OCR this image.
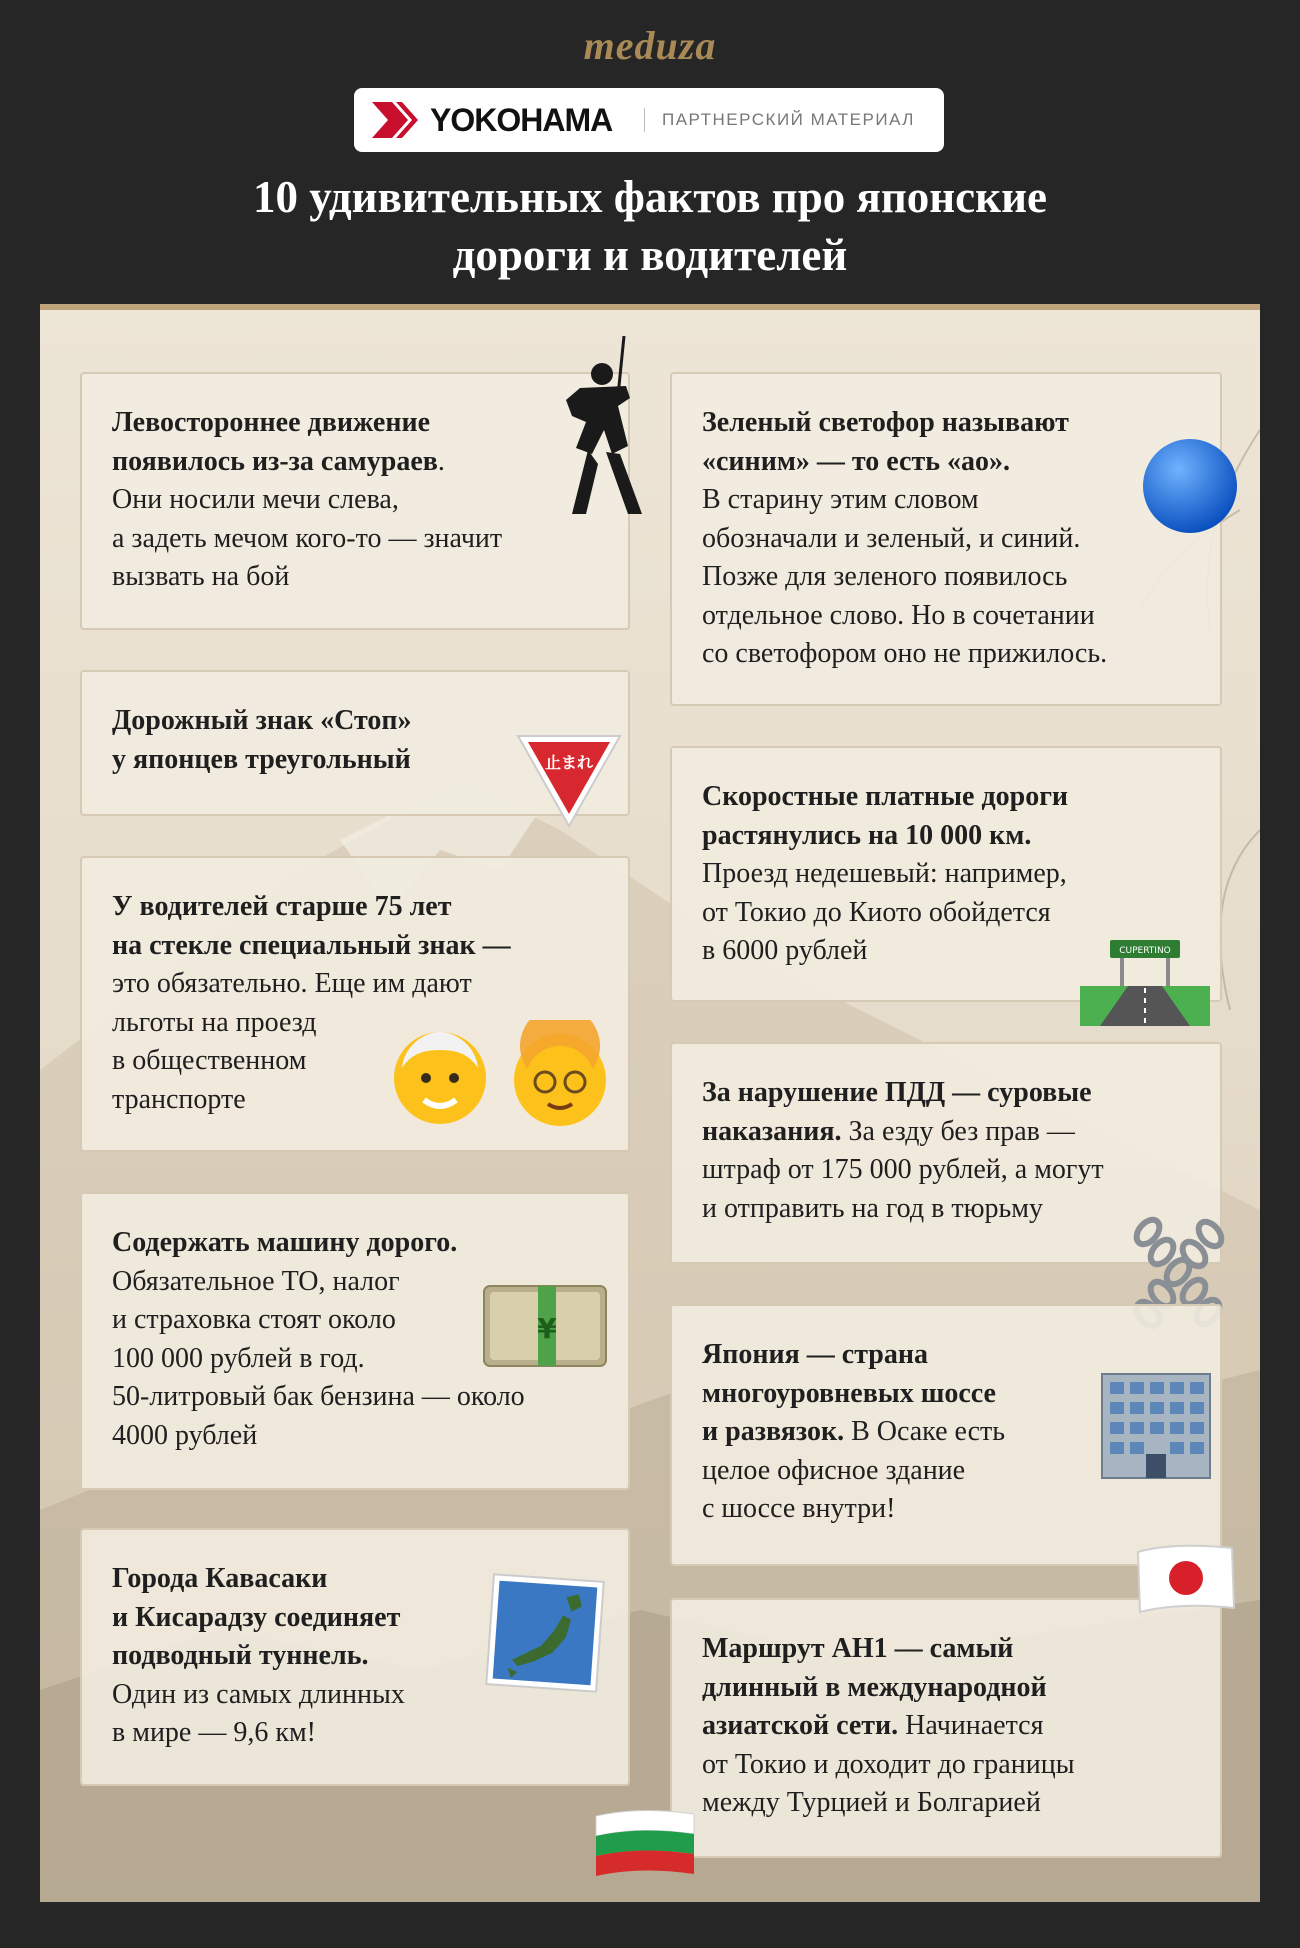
meduza
YOKOHAMA	ПАРТНЕРСКИЙ МАТЕРИАЛ
10 удивительных фактов про японские
дороги и водителей
Левостороннее движение
появилось из-за самураев.
Они носили мечи слева,
а задеть мечом кого-то — значит
вызвать на бой
Зеленый светофор называют
«синим» — то есть «ао».
В старину этим словом
обозначали и зеленый, и синий.
Позже для зеленого появилось
отдельное слово. Но в сочетании
со светофором оно не прижилось.
Дорожный знак «Стоп»
у японцев треугольный	止まれ
Скоростные платные дороги
растянулись на 10 000 км.
Проезд недешевый: например,
от Токио до Киото обойдется
в 6000 рублей	CUPERTINO
У водителей старше 75 лет
на стекле специальный знак —
это обязательно. Еще им дают
льготы на проезд
в общественном
транспорте	За нарушение ПДД — суровые
наказания. За езду без прав —
штраф от 175 000 рублей, а могут
и отправить на год в тюрьму
Содержать машину дорого.
Обязательное ТО, налог
и страховка стоят около
100 000 рублей в год.
50-литровый бак бензина — около
4000 рублей
¥
Япония — страна
многоуровневых шоссе
и развязок. В Осаке есть
целое офисное здание
с шоссе внутри!
Города Кавасаки
и Кисарадзу соединяет
подводный туннель.
Один из самых длинных
в мире — 9,6 км!
Маршрут AH1 — самый
длинный в международной
азиатской сети. Начинается
от Токио и доходит до границы
между Турцией и Болгарией
